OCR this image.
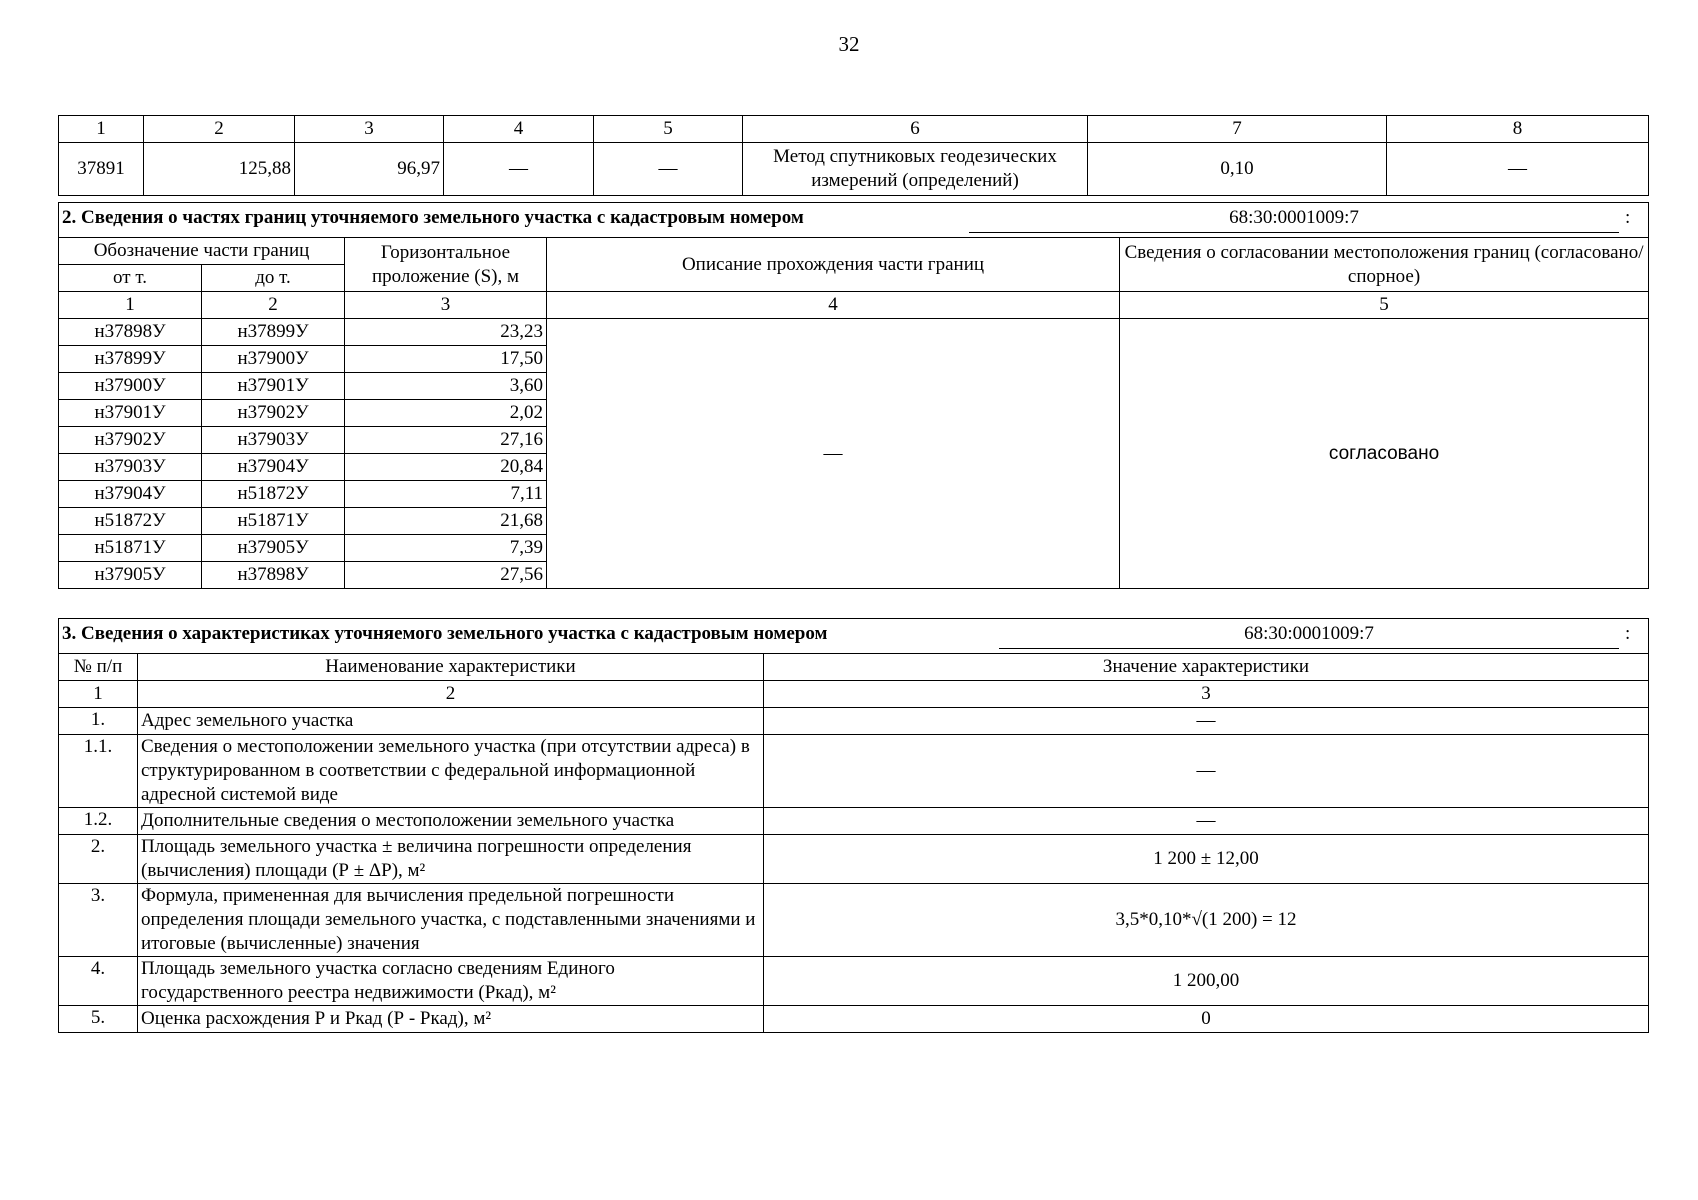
32
1	2	3	4	5	6	7	8
37891	125,88	96,97	—	—	Метод спутниковых геодезических измерений (определений)	0,10	—
2. Сведения о частях границ уточняемого земельного участка с кадастровым номером 68:30:0001009:7 :				

Обозначение части границ		Горизонтальное проложение (S), м	Описание прохождения части границ	Сведения о согласовании местоположения границ (согласовано/спорное)
от т.	до т.			
1	2	3	4	5
н37898У	н37899У	23,23	—	согласовано
н37899У	н37900У	17,50		
н37900У	н37901У	3,60		
н37901У	н37902У	2,02		
н37902У	н37903У	27,16		
н37903У	н37904У	20,84		
н37904У	н51872У	7,11		
н51872У	н51871У	21,68		
н51871У	н37905У	7,39		
н37905У	н37898У	27,56		
3. Сведения о характеристиках уточняемого земельного участка с кадастровым номером 68:30:0001009:7 :		

№ п/п	Наименование характеристики	Значение характеристики
1	2	3
1.	Адрес земельного участка	—
1.1.	Сведения о местоположении земельного участка (при отсутствии адреса) в структурированном в соответствии с федеральной информационной адресной системой виде	—
1.2.	Дополнительные сведения о местоположении земельного участка	—
2.	Площадь земельного участка ± величина погрешности определения (вычисления) площади (Р ± ΔР), м²	1 200 ± 12,00
3.	Формула, примененная для вычисления предельной погрешности определения площади земельного участка, с подставленными значениями и итоговые (вычисленные) значения	3,5*0,10*√(1 200) = 12
4.	Площадь земельного участка согласно сведениям Единого государственного реестра недвижимости (Ркад), м²	1 200,00
5.	Оценка расхождения Р и Ркад (Р - Ркад), м²	0
